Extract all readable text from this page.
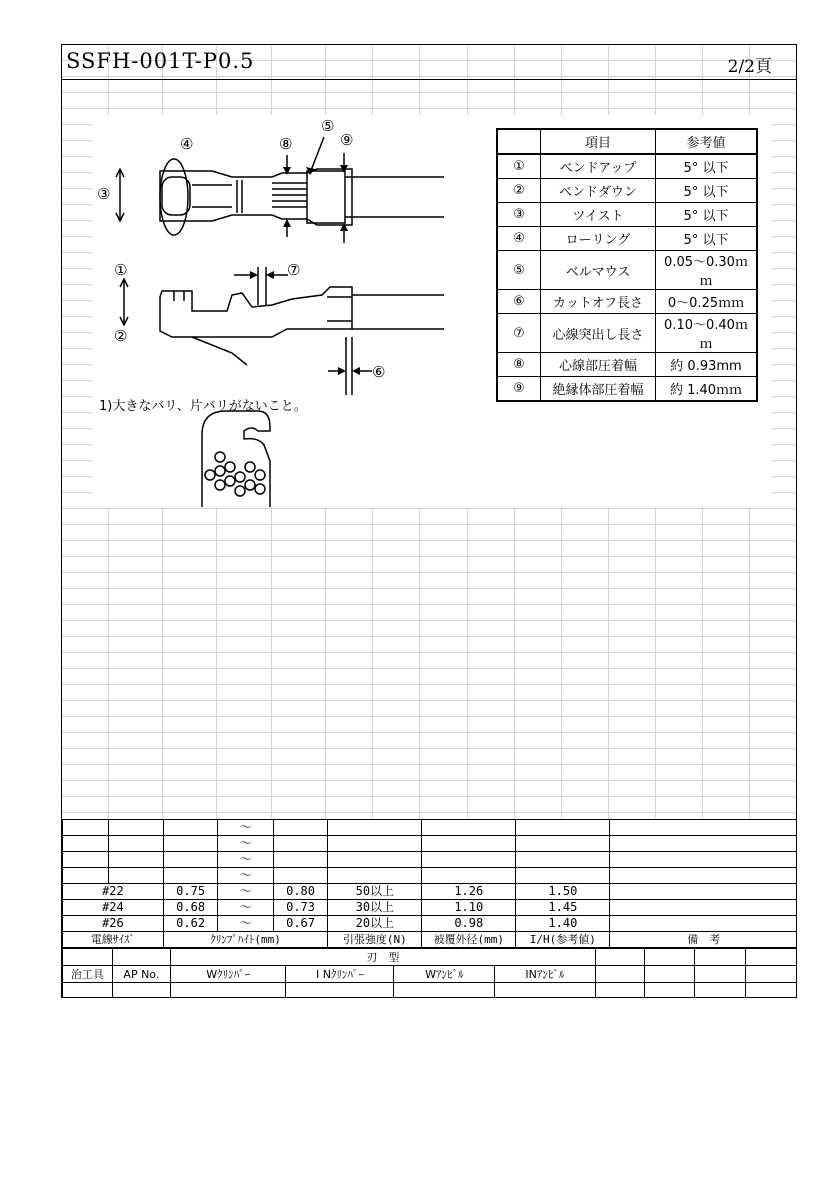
SSFH-001T-P0.5	2/2頁
④
③
⑧
⑤
⑨
①
②
⑦
⑥
	項目	参考値
①	ベンドアップ	5° 以下
②	ベンドダウン	5° 以下
③	ツイスト	5° 以下
④	ローリング	5° 以下
⑤	ベルマウス	0.05～0.30ｍｍ
⑥	カットオフ長さ	0～0.25ｍｍ
⑦	心線突出し長さ	0.10～0.40ｍｍ
⑧	心線部圧着幅	約 0.93mm
⑨	絶縁体部圧着幅	約 1.40ｍｍ
1)大きなバリ、片バリがないこと。
			～					
			～					
			～					
			～					
#22		0.75	～	0.80	50以上	1.26	1.50	
#24		0.68	～	0.73	30以上	1.10	1.45	
#26		0.62	～	0.67	20以上	0.98	1.40	
電線ｻｲｽﾞ		ｸﾘﾝﾌﾟﾊｲﾄ(mm)			引張強度(N)	被覆外径(mm)	I/H(参考値)	備　考
		刃　型							
治工具	AP No.	Wｸﾘﾝﾊﾟｰ	I Nｸﾘﾝﾊﾟｰ	Wｱﾝﾋﾞﾙ	INｱﾝﾋﾞﾙ				
